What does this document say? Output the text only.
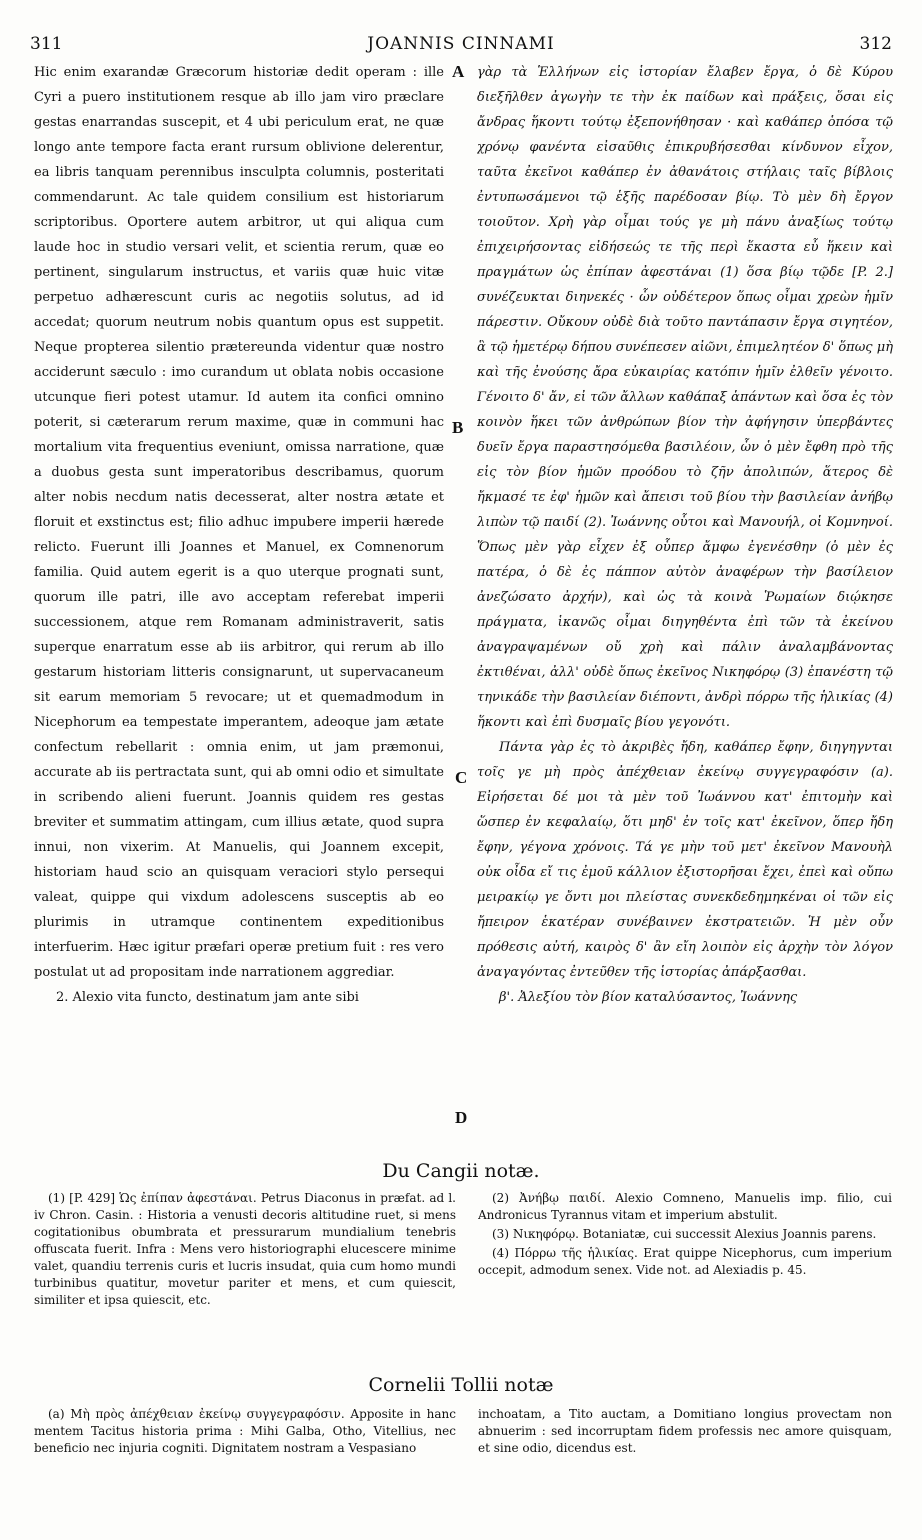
311	JOANNIS CINNAMI	312

Hic enim exarandæ Græcorum historiæ dedit operam : ille Cyri a puero institutionem resque ab illo jam viro præclare gestas enarrandas suscepit, et 4 ubi periculum erat, ne quæ longo ante tempore facta erant rursum oblivione delerentur, ea libris tanquam perennibus insculpta columnis, posteritati commendarunt. Ac tale quidem consilium est historiarum scriptoribus. Oportere autem arbitror, ut qui aliqua cum laude hoc in studio versari velit, et scientia rerum, quæ eo pertinent, singularum instructus, et variis quæ huic vitæ perpetuo adhærescunt curis ac negotiis solutus, ad id accedat; quorum neutrum nobis quantum opus est suppetit. Neque propterea silentio prætereunda videntur quæ nostro acciderunt sæculo : imo curandum ut oblata nobis occasione utcunque fieri potest utamur. Id autem ita confici omnino poterit, si cæterarum rerum maxime, quæ in communi hac mortalium vita frequentius eveniunt, omissa narratione, quæ a duobus gesta sunt imperatoribus describamus, quorum alter nobis necdum natis decesserat, alter nostra ætate et floruit et exstinctus est; filio adhuc impubere imperii hærede relicto. Fuerunt illi Joannes et Manuel, ex Comnenorum familia. Quid autem egerit is a quo uterque prognati sunt, quorum ille patri, ille avo acceptam referebat imperii successionem, atque rem Romanam administraverit, satis superque enarratum esse ab iis arbitror, qui rerum ab illo gestarum historiam litteris consignarunt, ut supervacaneum sit earum memoriam 5 revocare; ut et quemadmodum in Nicephorum ea tempestate imperantem, adeoque jam ætate confectum rebellarit : omnia enim, ut jam præmonui, accurate ab iis pertractata sunt, qui ab omni odio et simultate in scribendo alieni fuerunt. Joannis quidem res gestas breviter et summatim attingam, cum illius ætate, quod supra innui, non vixerim. At Manuelis, qui Joannem excepit, historiam haud scio an quisquam veraciori stylo persequi valeat, quippe qui vixdum adolescens susceptis ab eo plurimis in utramque continentem expeditionibus interfuerim. Hæc igitur præfari operæ pretium fuit : res vero postulat ut ad propositam inde narrationem aggrediar.

2. Alexio vita functo, destinatum jam ante sibi

A
B
C
D

γὰρ τὰ Ἑλλήνων εἰς ἱστορίαν ἔλαβεν ἔργα, ὁ δὲ Κύρου διεξῆλθεν ἀγωγὴν τε τὴν ἐκ παίδων καὶ πράξεις, ὅσαι εἰς ἄνδρας ἥκοντι τούτῳ ἐξεπονήθησαν · καὶ καθάπερ ὁπόσα τῷ χρόνῳ φανέντα εἰσαῦθις ἐπικρυβήσεσθαι κίνδυνον εἶχον, ταῦτα ἐκεῖνοι καθάπερ ἐν ἀθανάτοις στήλαις ταῖς βίβλοις ἐντυπωσάμενοι τῷ ἑξῆς παρέδοσαν βίῳ. Τὸ μὲν δὴ ἔργον τοιοῦτον. Χρὴ γὰρ οἶμαι τούς γε μὴ πάνυ ἀναξίως τούτῳ ἐπιχειρήσοντας εἰδήσεώς τε τῆς περὶ ἕκαστα εὖ ἥκειν καὶ πραγμάτων ὡς ἐπίπαν ἀφεστάναι (1) ὅσα βίῳ τῷδε [P. 2.] συνέζευκται διηνεκές · ὧν οὐδέτερον ὅπως οἶμαι χρεὼν ἡμῖν πάρεστιν. Οὔκουν οὐδὲ διὰ τοῦτο παντάπασιν ἔργα σιγητέον, ἃ τῷ ἡμετέρῳ δήπου συνέπεσεν αἰῶνι, ἐπιμελητέον δ' ὅπως μὴ καὶ τῆς ἐνούσης ἄρα εὐκαιρίας κατόπιν ἡμῖν ἐλθεῖν γένοιτο. Γένοιτο δ' ἄν, εἰ τῶν ἄλλων καθάπαξ ἁπάντων καὶ ὅσα ἐς τὸν κοινὸν ἥκει τῶν ἀνθρώπων βίον τὴν ἀφήγησιν ὑπερβάντες δυεῖν ἔργα παραστησόμεθα βασιλέοιν, ὧν ὁ μὲν ἔφθη πρὸ τῆς εἰς τὸν βίον ἡμῶν προόδου τὸ ζῆν ἀπολιπών, ἅτερος δὲ ἤκμασέ τε ἐφ' ἡμῶν καὶ ἄπεισι τοῦ βίου τὴν βασιλείαν ἀνήβῳ λιπὼν τῷ παιδί (2). Ἰωάννης οὗτοι καὶ Μανουήλ, οἱ Κομνηνοί. Ὅπως μὲν γὰρ εἶχεν ἐξ οὗπερ ἄμφω ἐγενέσθην (ὁ μὲν ἐς πατέρα, ὁ δὲ ἐς πάππον αὐτὸν ἀναφέρων τὴν βασίλειον ἀνεζώσατο ἀρχήν), καὶ ὡς τὰ κοινὰ Ῥωμαίων διῴκησε πράγματα, ἱκανῶς οἶμαι διηγηθέντα ἐπὶ τῶν τὰ ἐκείνου ἀναγραψαμένων οὔ χρὴ καὶ πάλιν ἀναλαμβάνοντας ἐκτιθέναι, ἀλλ' οὐδὲ ὅπως ἐκεῖνος Νικηφόρῳ (3) ἐπανέστη τῷ τηνικάδε τὴν βασιλείαν διέποντι, ἀνδρὶ πόρρω τῆς ἡλικίας (4) ἥκοντι καὶ ἐπὶ δυσμαῖς βίου γεγονότι.

Πάντα γὰρ ἐς τὸ ἀκριβὲς ἤδη, καθάπερ ἔφην, διηγηγνται τοῖς γε μὴ πρὸς ἀπέχθειαν ἐκείνῳ συγγεγραφόσιν (a). Εἰρήσεται δέ μοι τὰ μὲν τοῦ Ἰωάννου κατ' ἐπιτομὴν καὶ ὥσπερ ἐν κεφαλαίῳ, ὅτι μηδ' ἐν τοῖς κατ' ἐκεῖνον, ὅπερ ἤδη ἔφην, γέγονα χρόνοις. Τά γε μὴν τοῦ μετ' ἐκεῖνον Μανουὴλ οὐκ οἶδα εἴ τις ἐμοῦ κάλλιον ἐξιστορῆσαι ἔχει, ἐπεὶ καὶ οὔπω μειρακίῳ γε ὄντι μοι πλείστας συνεκδεδημηκέναι οἱ τῶν εἰς ἤπειρον ἑκατέραν συνέβαινεν ἐκστρατειῶν. Ἡ μὲν οὖν πρόθεσις αὐτή, καιρὸς δ' ἂν εἴη λοιπὸν εἰς ἀρχὴν τὸν λόγον ἀναγαγόντας ἐντεῦθεν τῆς ἱστορίας ἀπάρξασθαι.

β'. Ἀλεξίου τὸν βίον καταλύσαντος, Ἰωάννης

Du Cangii notæ.

(1) [P. 429] Ὡς ἐπίπαν ἀφεστάναι. Petrus Diaconus in præfat. ad l. iv Chron. Casin. : Historia a venusti decoris altitudine ruet, si mens cogitationibus obumbrata et pressurarum mundialium tenebris offuscata fuerit. Infra : Mens vero historiographi elucescere minime valet, quandiu terrenis curis et lucris insudat, quia cum homo mundi turbinibus quatitur, movetur pariter et mens, et cum quiescit, similiter et ipsa quiescit, etc.

(2) Ἀνήβῳ παιδί. Alexio Comneno, Manuelis imp. filio, cui Andronicus Tyrannus vitam et imperium abstulit.

(3) Νικηφόρῳ. Botaniatæ, cui successit Alexius Joannis parens.

(4) Πόρρω τῆς ἡλικίας. Erat quippe Nicephorus, cum imperium occepit, admodum senex. Vide not. ad Alexiadis p. 45.

Cornelii Tollii notæ

(a) Μὴ πρὸς ἀπέχθειαν ἐκείνῳ συγγεγραφόσιν. Apposite in hanc mentem Tacitus historia prima : Mihi Galba, Otho, Vitellius, nec beneficio nec injuria cogniti. Dignitatem nostram a Vespasiano

inchoatam, a Tito auctam, a Domitiano longius provectam non abnuerim : sed incorruptam fidem professis nec amore quisquam, et sine odio, dicendus est.
